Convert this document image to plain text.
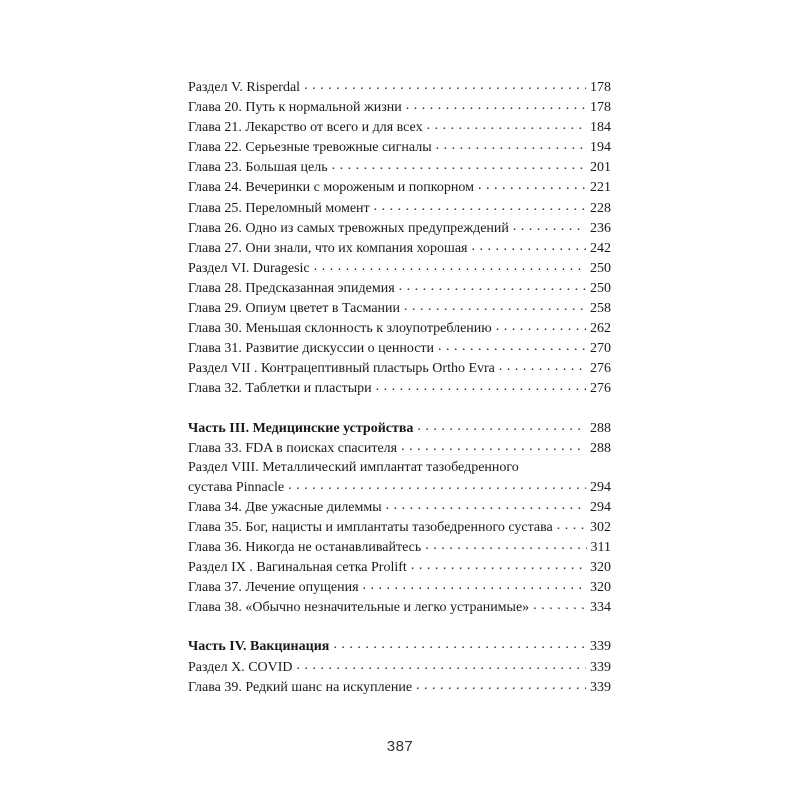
Раздел V. Risperdal . . .	178
Глава 20. Путь к нормальной жизни . . .	178
Глава 21. Лекарство от всего и для всех . . .	184
Глава 22. Серьезные тревожные сигналы . . .	194
Глава 23. Большая цель . . .	201
Глава 24. Вечеринки с мороженым и попкорном . . .	221
Глава 25. Переломный момент . . .	228
Глава 26. Одно из самых тревожных предупреждений . . .	236
Глава 27. Они знали, что их компания хорошая . . .	242
Раздел VI. Duragesic . . .	250
Глава 28. Предсказанная эпидемия . . .	250
Глава 29. Опиум цветет в Тасмании . . .	258
Глава 30. Меньшая склонность к злоупотреблению . . .	262
Глава 31. Развитие дискуссии о ценности . . .	270
Раздел VII . Контрацептивный пластырь Ortho Evra . . .	276
Глава 32. Таблетки и пластыри . . .	276
Часть III. Медицинские устройства . . .	288
Глава 33. FDA в поисках спасителя . . .	288
Раздел VIII. Металлический имплантат тазобедренного
сустава Pinnacle . . .	294
Глава 34. Две ужасные дилеммы . . .	294
Глава 35. Бог, нацисты и имплантаты тазобедренного сустава . . .	302
Глава 36. Никогда не останавливайтесь . . .	311
Раздел IX . Вагинальная сетка Prolift . . .	320
Глава 37. Лечение опущения . . .	320
Глава 38. «Обычно незначительные и легко устранимые» . . .	334
Часть IV. Вакцинация . . .	339
Раздел X. COVID . . .	339
Глава 39. Редкий шанс на искупление . . .	339
387
